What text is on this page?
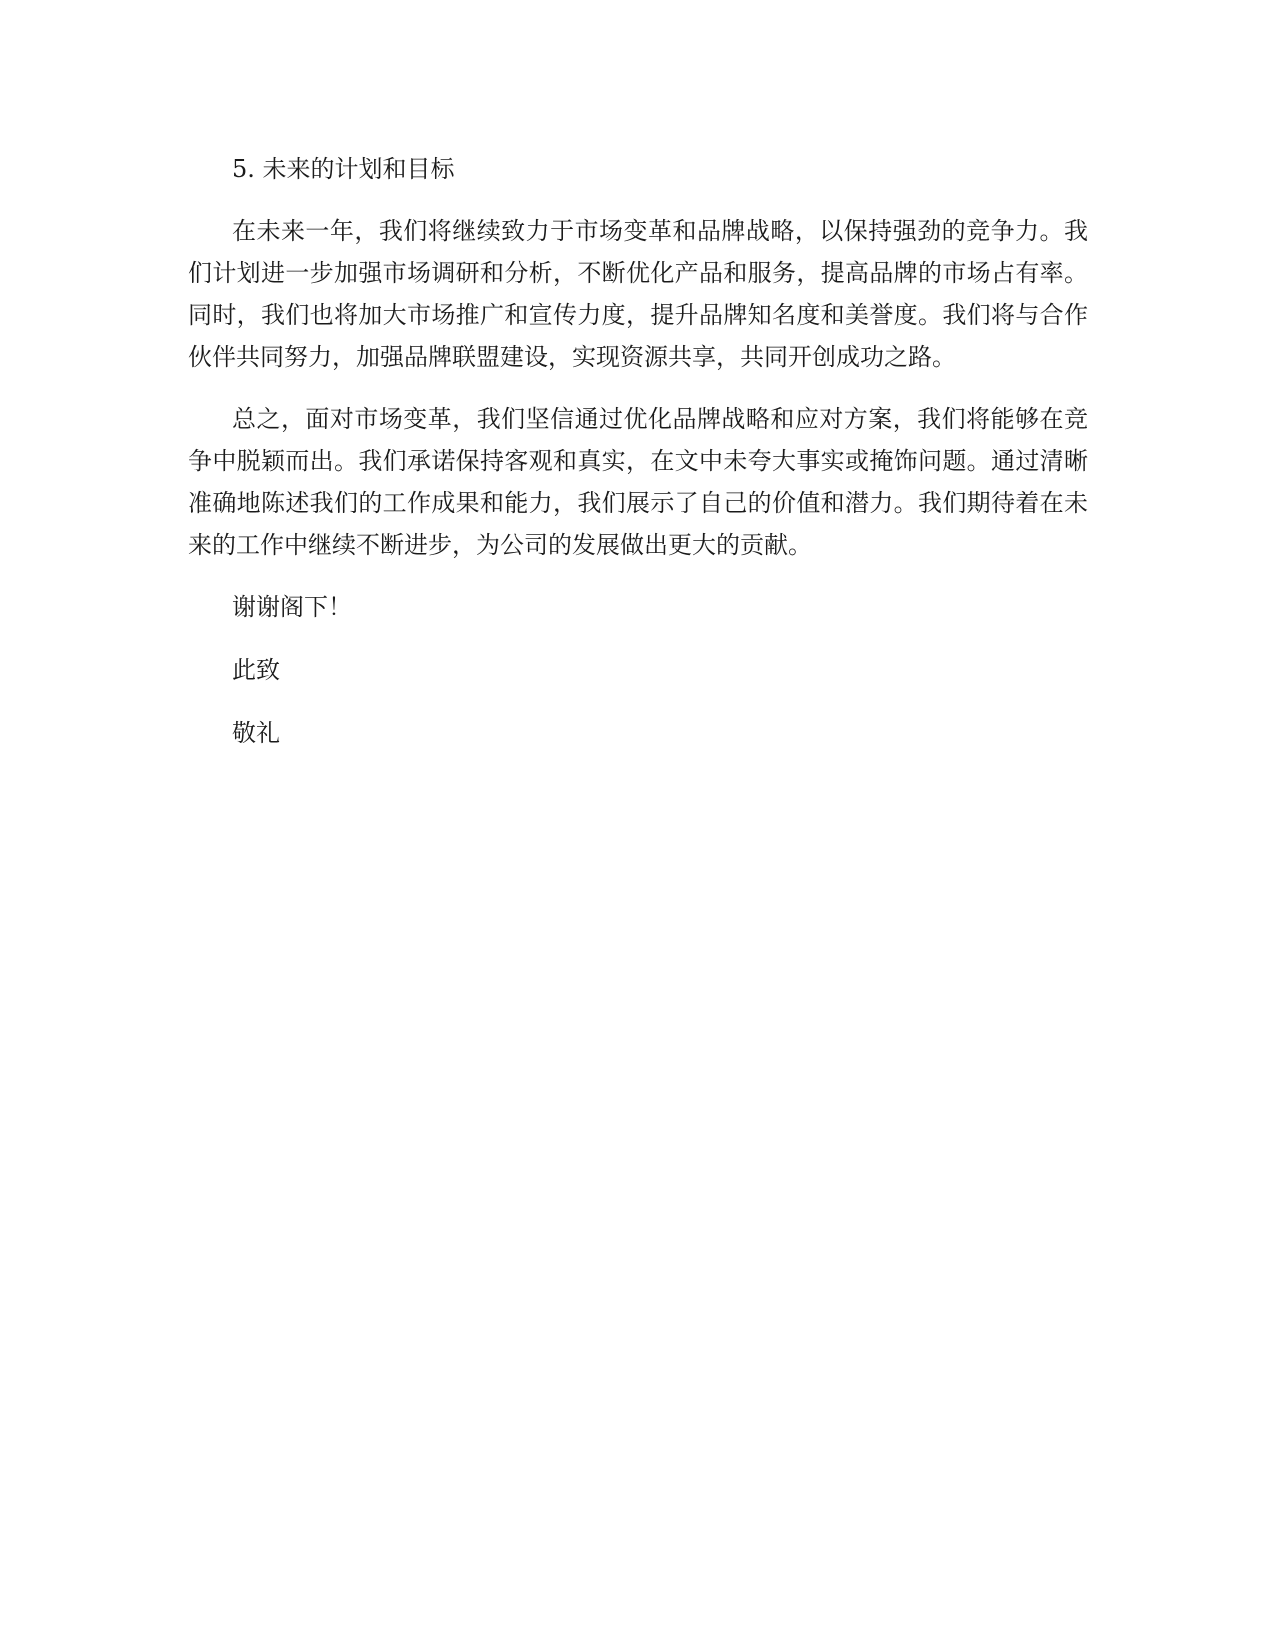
5. 未来的计划和目标

在未来一年，我们将继续致力于市场变革和品牌战略，以保持强劲的竞争力。我们计划进一步加强市场调研和分析，不断优化产品和服务，提高品牌的市场占有率。同时，我们也将加大市场推广和宣传力度，提升品牌知名度和美誉度。我们将与合作伙伴共同努力，加强品牌联盟建设，实现资源共享，共同开创成功之路。

总之，面对市场变革，我们坚信通过优化品牌战略和应对方案，我们将能够在竞争中脱颖而出。我们承诺保持客观和真实，在文中未夸大事实或掩饰问题。通过清晰准确地陈述我们的工作成果和能力，我们展示了自己的价值和潜力。我们期待着在未来的工作中继续不断进步，为公司的发展做出更大的贡献。

谢谢阁下！

此致

敬礼
